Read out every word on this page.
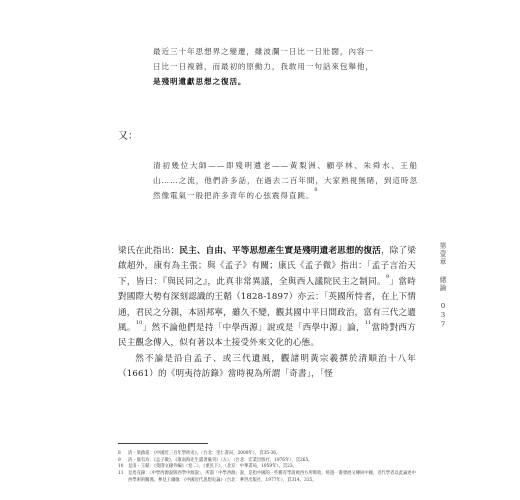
最近三十年思想界之變遷，雖波瀾一日比一日壯闊，內容一

日比一日複雜，而最初的原動力，我敢用一句話來包舉他，

是殘明遺獻思想之復活。

又：

清初幾位大師——即殘明遺老——黃梨洲、顧亭林、朱舜水、王船山……之流，他們許多話，在過去二百年間，大家熟視無睹，到這時忽然像電氣一般把許多青年的心弦震得直跳。$^8$

梁氏在此指出：民主、自由、平等思想產生實是殘明遺老思想的復活，除了梁啟超外，康有為主張；與《孟子》有關；康氏《孟子微》指出：「孟子言治天下，皆曰：『與民同之』，此真非常異議，全與西人議院民主之制同。$^9$」當時對國際大勢有深刻認識的王韜（1828-1897）亦云：「英國所恃者，在上下情通，君民之分親，本固邦寧，雖久不變，觀其國中平日間政治，富有三代之遺風。$^{10}$」然不論他們是持「中學西源」說或是「西學中源」論，$^{11}$當時對西方民主觀念傳入，似有著以本土接受外來文化的心態。

然不論是沿自孟子、或三代遺風，觀諸明黃宗羲撰於清順治十八年（1661）的《明夷待訪錄》當時視為所謂「奇書」，「怪

8	清・梁啟超：《中國近三百年學術史》。（台北：里仁書局，2000年），頁35-36。
9	清・康有為：《孟子微》，《康南海先生遺著彙刊》（五），（台北：宏業出版社，1976年），頁265。
10	見清・王韜：《弢園文錄外編》（卷二），《重民下》，（北京：中華書局，1959年），頁23。
11	見馬克鋒：〈中學西源說與西學中源說〉，所謂「中學西源」說，是指中國的一些舊有學說被西方所吸收，經過一番發展又傳回中國，近代學者以此論述中西學術的關係。參見王爾敏：《中國近代思想史論》（台北：華世出版社，1977年），頁314、315。
第壹章
緒論
037
